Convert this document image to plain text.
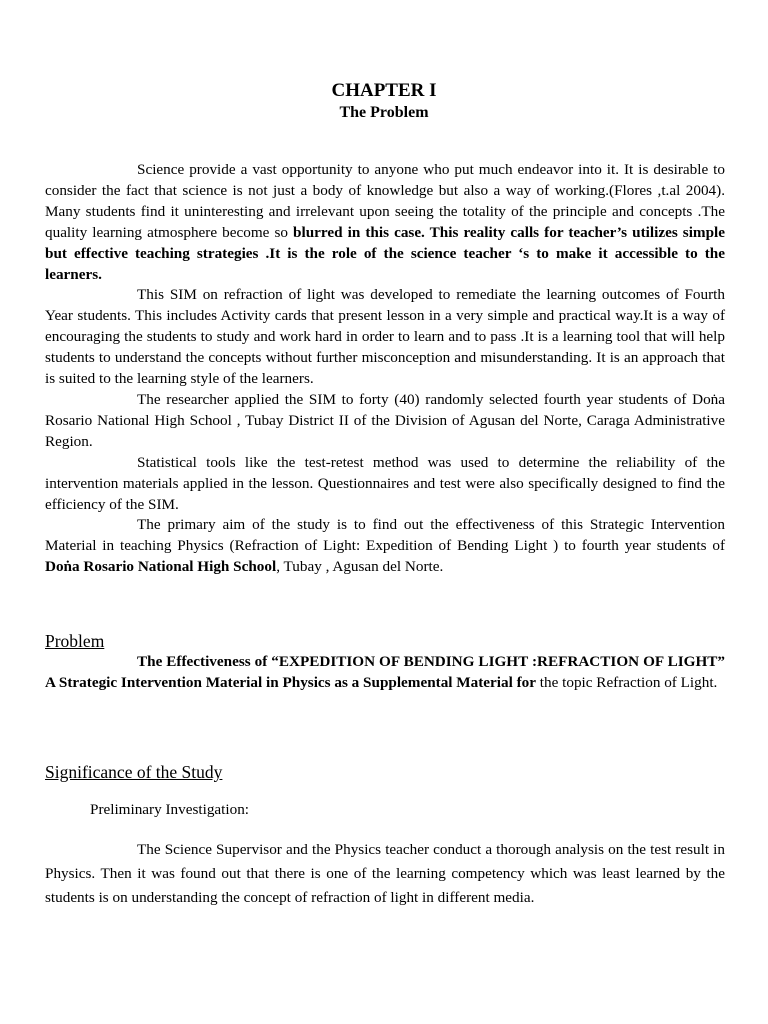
CHAPTER I
The Problem

Science provide a vast opportunity to anyone who put much endeavor into it. It is desirable to consider the fact that science is not just a body of knowledge but also a way of working.(Flores ,t.al 2004). Many students find it uninteresting and irrelevant upon seeing the totality of the principle and concepts .The quality learning atmosphere become so blurred in this case. This reality calls for teacher’s utilizes simple but effective teaching strategies .It is the role of the science teacher ‘s to make it accessible to the learners.

This SIM on refraction of light was developed to remediate the learning outcomes of Fourth Year students. This includes Activity cards that present lesson in a very simple and practical way.It is a way of encouraging the students to study and work hard in order to learn and to pass .It is a learning tool that will help students to understand the concepts without further misconception and misunderstanding. It is an approach that is suited to the learning style of the learners.

The researcher applied the SIM to forty (40) randomly selected fourth year students of Doṅa Rosario National High School , Tubay District II of the Division of Agusan del Norte, Caraga Administrative Region.

Statistical tools like the test-retest method was used to determine the reliability of the intervention materials applied in the lesson. Questionnaires and test were also specifically designed to find the efficiency of the SIM.

The primary aim of the study is to find out the effectiveness of this Strategic Intervention Material in teaching Physics (Refraction of Light: Expedition of Bending Light ) to fourth year students of Doṅa Rosario National High School, Tubay , Agusan del Norte.

Problem

The Effectiveness of “EXPEDITION OF BENDING LIGHT :REFRACTION OF LIGHT” A Strategic Intervention Material in Physics as a Supplemental Material for the topic Refraction of Light.

Significance of the Study
Preliminary Investigation:

The Science Supervisor and the Physics teacher conduct a thorough analysis on the test result in Physics. Then it was found out that there is one of the learning competency which was least learned by the students is on understanding the concept of refraction of light in different media.
